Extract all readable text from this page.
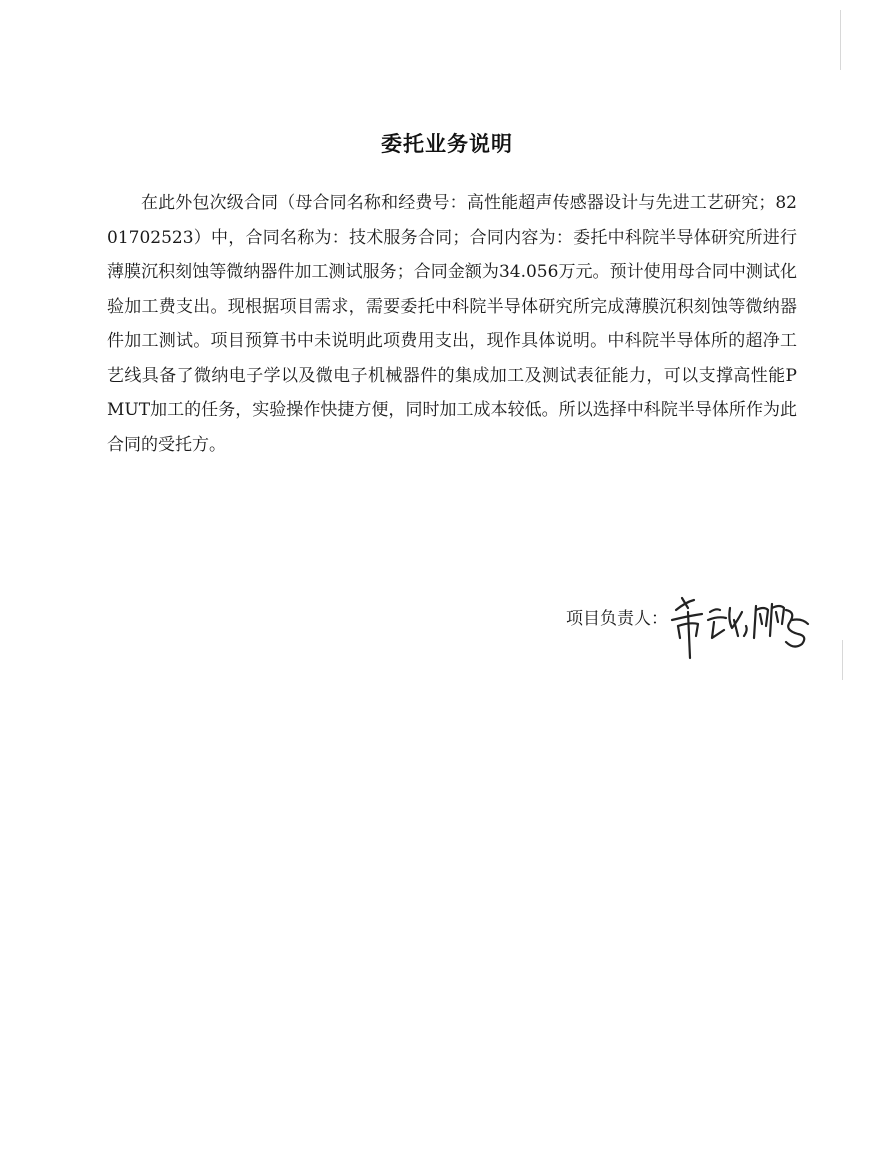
委托业务说明

在此外包次级合同（母合同名称和经费号：高性能超声传感器设计与先进工艺研究；8201702523）中，合同名称为：技术服务合同；合同内容为：委托中科院半导体研究所进行薄膜沉积刻蚀等微纳器件加工测试服务；合同金额为34.056万元。预计使用母合同中测试化验加工费支出。现根据项目需求，需要委托中科院半导体研究所完成薄膜沉积刻蚀等微纳器件加工测试。项目预算书中未说明此项费用支出，现作具体说明。中科院半导体所的超净工艺线具备了微纳电子学以及微电子机械器件的集成加工及测试表征能力，可以支撑高性能PMUT加工的任务，实验操作快捷方便，同时加工成本较低。所以选择中科院半导体所作为此合同的受托方。

项目负责人：
